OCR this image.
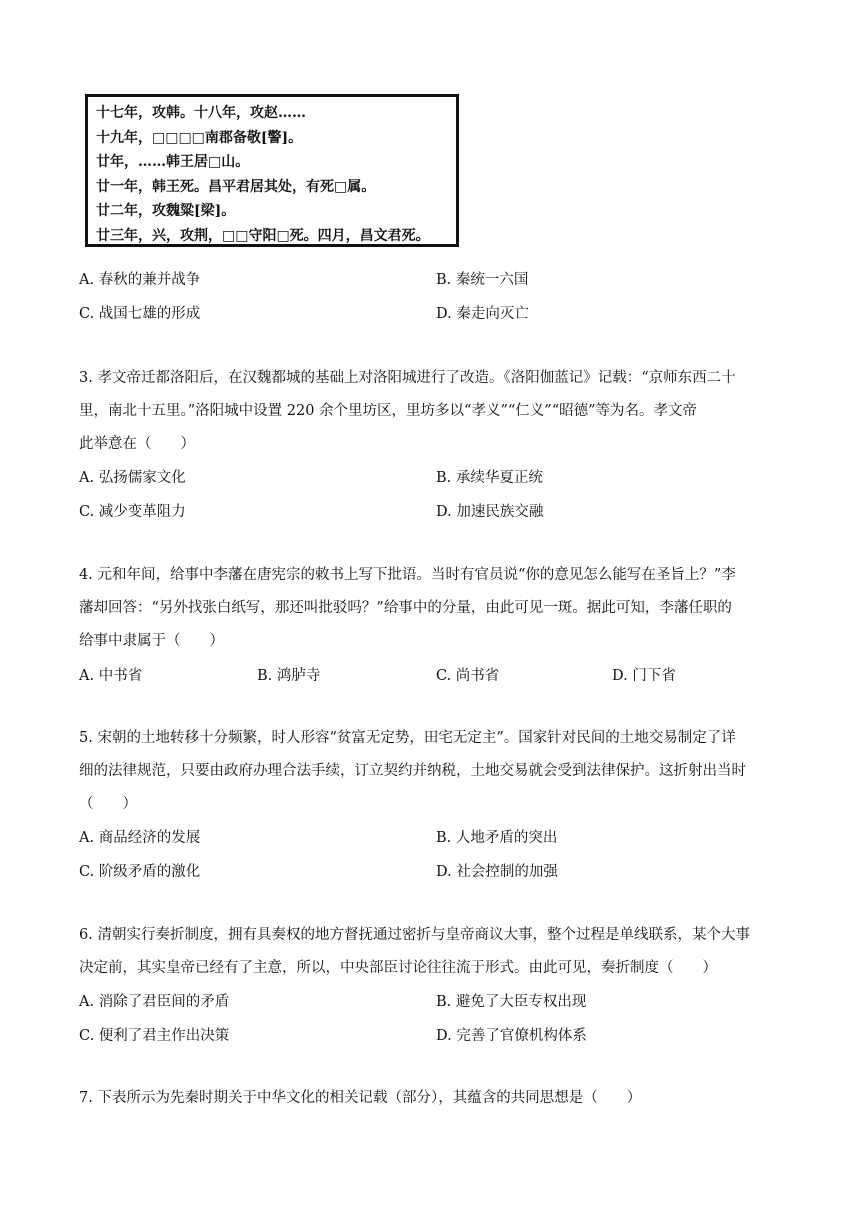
十七年，攻韩。十八年，攻赵……
十九年，□□□□南郡备敬[警]。
廿年，……韩王居□山。
廿一年，韩王死。昌平君居其处，有死□属。
廿二年，攻魏粱[梁]。
廿三年，兴，攻荆，□□守阳□死。四月，昌文君死。
A. 春秋的兼并战争	B. 秦统一六国
C. 战国七雄的形成	D. 秦走向灭亡
3. 孝文帝迁都洛阳后，在汉魏都城的基础上对洛阳城进行了改造。《洛阳伽蓝记》记载：“京师东西二十
里，南北十五里。”洛阳城中设置 220 余个里坊区，里坊多以“孝义”“仁义”“昭德”等为名。孝文帝
此举意在（　　）
A. 弘扬儒家文化	B. 承续华夏正统
C. 减少变革阻力	D. 加速民族交融
4. 元和年间，给事中李藩在唐宪宗的敕书上写下批语。当时有官员说“你的意见怎么能写在圣旨上？”李
藩却回答：“另外找张白纸写，那还叫批驳吗？”给事中的分量，由此可见一斑。据此可知，李藩任职的
给事中隶属于（　　）
A. 中书省	B. 鸿胪寺	C. 尚书省	D. 门下省
5. 宋朝的土地转移十分频繁，时人形容“贫富无定势，田宅无定主”。国家针对民间的土地交易制定了详
细的法律规范，只要由政府办理合法手续，订立契约并纳税，土地交易就会受到法律保护。这折射出当时
（　　）
A. 商品经济的发展	B. 人地矛盾的突出
C. 阶级矛盾的激化	D. 社会控制的加强
6. 清朝实行奏折制度，拥有具奏权的地方督抚通过密折与皇帝商议大事，整个过程是单线联系，某个大事
决定前，其实皇帝已经有了主意，所以，中央部臣讨论往往流于形式。由此可见，奏折制度（　　）
A. 消除了君臣间的矛盾	B. 避免了大臣专权出现
C. 便利了君主作出决策	D. 完善了官僚机构体系
7. 下表所示为先秦时期关于中华文化的相关记载（部分），其蕴含的共同思想是（　　）
